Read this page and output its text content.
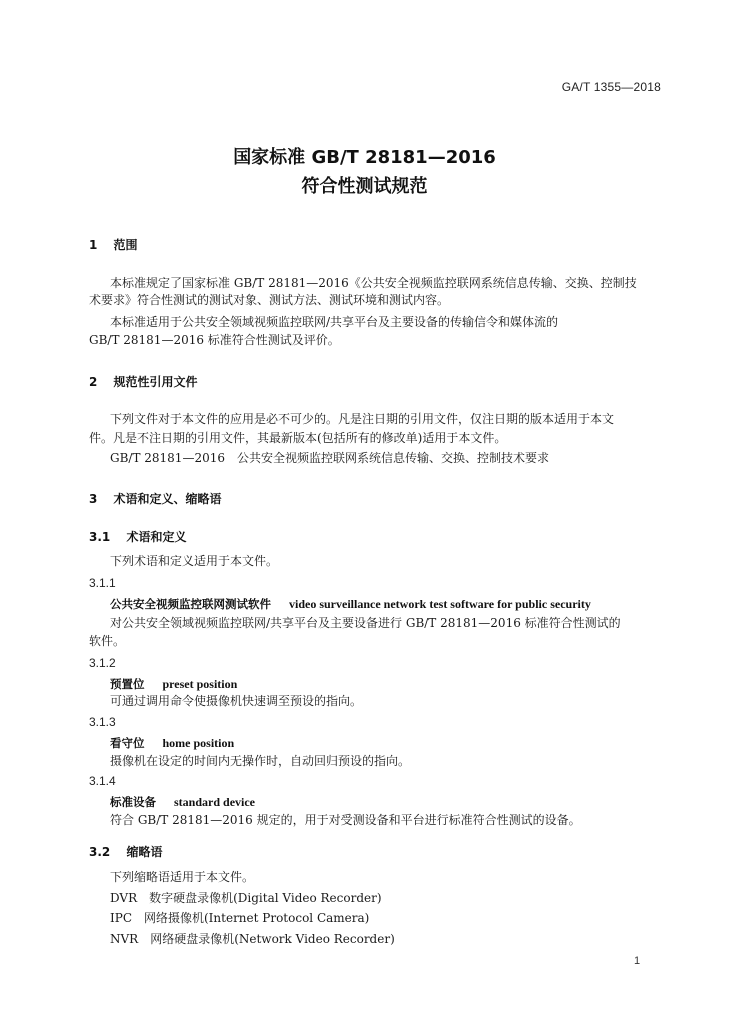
GA/T 1355—2018
国家标准 GB/T 28181—2016
符合性测试规范
1 范围
本标准规定了国家标准 GB/T 28181—2016《公共安全视频监控联网系统信息传输、交换、控制技
术要求》符合性测试的测试对象、测试方法、测试环境和测试内容。
本标准适用于公共安全领域视频监控联网/共享平台及主要设备的传输信令和媒体流的
GB/T 28181—2016 标准符合性测试及评价。
2 规范性引用文件
下列文件对于本文件的应用是必不可少的。凡是注日期的引用文件，仅注日期的版本适用于本文
件。凡是不注日期的引用文件，其最新版本(包括所有的修改单)适用于本文件。
GB/T 28181—2016　公共安全视频监控联网系统信息传输、交换、控制技术要求
3 术语和定义、缩略语
3.1 术语和定义
下列术语和定义适用于本文件。
3.1.1
公共安全视频监控联网测试软件 video surveillance network test software for public security
对公共安全领域视频监控联网/共享平台及主要设备进行 GB/T 28181—2016 标准符合性测试的
软件。
3.1.2
预置位 preset position
可通过调用命令使摄像机快速调至预设的指向。
3.1.3
看守位 home position
摄像机在设定的时间内无操作时，自动回归预设的指向。
3.1.4
标准设备 standard device
符合 GB/T 28181—2016 规定的，用于对受测设备和平台进行标准符合性测试的设备。
3.2 缩略语
下列缩略语适用于本文件。
DVR　数字硬盘录像机(Digital Video Recorder)
IPC　网络摄像机(Internet Protocol Camera)
NVR　网络硬盘录像机(Network Video Recorder)
1
